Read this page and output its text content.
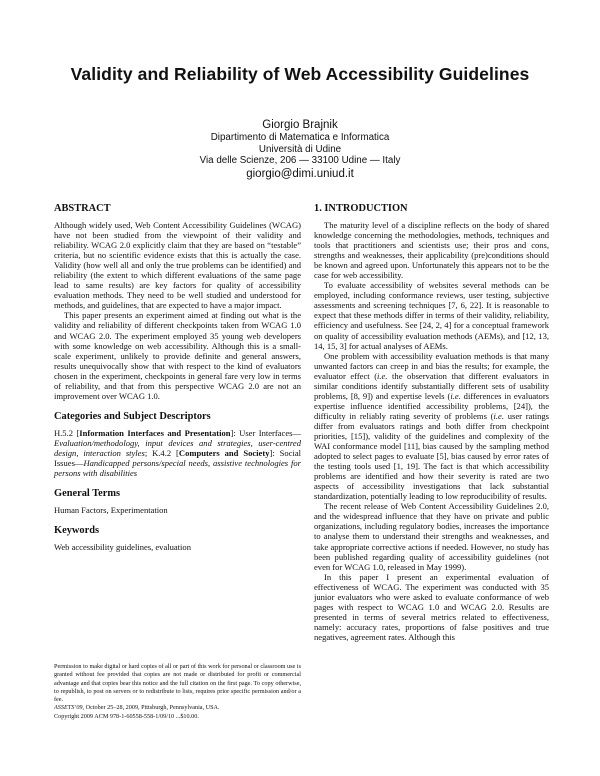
Validity and Reliability of Web Accessibility Guidelines
Giorgio Brajnik
Dipartimento di Matematica e Informatica
Università di Udine
Via delle Scienze, 206 — 33100 Udine — Italy
giorgio@dimi.uniud.it
ABSTRACT

Although widely used, Web Content Accessibility Guidelines (WCAG) have not been studied from the viewpoint of their validity and reliability. WCAG 2.0 explicitly claim that they are based on “testable” criteria, but no scientific evidence exists that this is actually the case. Validity (how well all and only the true problems can be identified) and reliability (the extent to which different evaluations of the same page lead to same results) are key factors for quality of accessibility evaluation methods. They need to be well studied and understood for methods, and guidelines, that are expected to have a major impact.

This paper presents an experiment aimed at finding out what is the validity and reliability of different checkpoints taken from WCAG 1.0 and WCAG 2.0. The experiment employed 35 young web developers with some knowledge on web accessibility. Although this is a small-scale experiment, unlikely to provide definite and general answers, results unequivocally show that with respect to the kind of evaluators chosen in the experiment, checkpoints in general fare very low in terms of reliability, and that from this perspective WCAG 2.0 are not an improvement over WCAG 1.0.

Categories and Subject Descriptors

H.5.2 [Information Interfaces and Presentation]: User Interfaces—Evaluation/methodology, input devices and strategies, user-centred design, interaction styles; K.4.2 [Computers and Society]: Social Issues—Handicapped persons/special needs, assistive technologies for persons with disabilities

General Terms

Human Factors, Experimentation

Keywords

Web accessibility guidelines, evaluation

Permission to make digital or hard copies of all or part of this work for personal or classroom use is granted without fee provided that copies are not made or distributed for profit or commercial advantage and that copies bear this notice and the full citation on the first page. To copy otherwise, to republish, to post on servers or to redistribute to lists, requires prior specific permission and/or a fee.

ASSETS’09, October 25–28, 2009, Pittsburgh, Pennsylvania, USA.

Copyright 2009 ACM 978-1-60558-558-1/09/10 ...$10.00.

1. INTRODUCTION

The maturity level of a discipline reflects on the body of shared knowledge concerning the methodologies, methods, techniques and tools that practitioners and scientists use; their pros and cons, strengths and weaknesses, their applicability (pre)conditions should be known and agreed upon. Unfortunately this appears not to be the case for web accessibility.

To evaluate accessibility of websites several methods can be employed, including conformance reviews, user testing, subjective assessments and screening techniques [7, 6, 22]. It is reasonable to expect that these methods differ in terms of their validity, reliability, efficiency and usefulness. See [24, 2, 4] for a conceptual framework on quality of accessibility evaluation methods (AEMs), and [12, 13, 14, 15, 3] for actual analyses of AEMs.

One problem with accessibility evaluation methods is that many unwanted factors can creep in and bias the results; for example, the evaluator effect (i.e. the observation that different evaluators in similar conditions identify substantially different sets of usability problems, [8, 9]) and expertise levels (i.e. differences in evaluators expertise influence identified accessibility problems, [24]), the difficulty in reliably rating severity of problems (i.e. user ratings differ from evaluators ratings and both differ from checkpoint priorities, [15]), validity of the guidelines and complexity of the WAI conformance model [11], bias caused by the sampling method adopted to select pages to evaluate [5], bias caused by error rates of the testing tools used [1, 19]. The fact is that which accessibility problems are identified and how their severity is rated are two aspects of accessibility investigations that lack substantial standardization, potentially leading to low reproducibility of results.

The recent release of Web Content Accessibility Guidelines 2.0, and the widespread influence that they have on private and public organizations, including regulatory bodies, increases the importance to analyse them to understand their strengths and weaknesses, and take appropriate corrective actions if needed. However, no study has been published regarding quality of accessibility guidelines (not even for WCAG 1.0, released in May 1999).

In this paper I present an experimental evaluation of effectiveness of WCAG. The experiment was conducted with 35 junior evaluators who were asked to evaluate conformance of web pages with respect to WCAG 1.0 and WCAG 2.0. Results are presented in terms of several metrics related to effectiveness, namely: accuracy rates, proportions of false positives and true negatives, agreement rates. Although this
